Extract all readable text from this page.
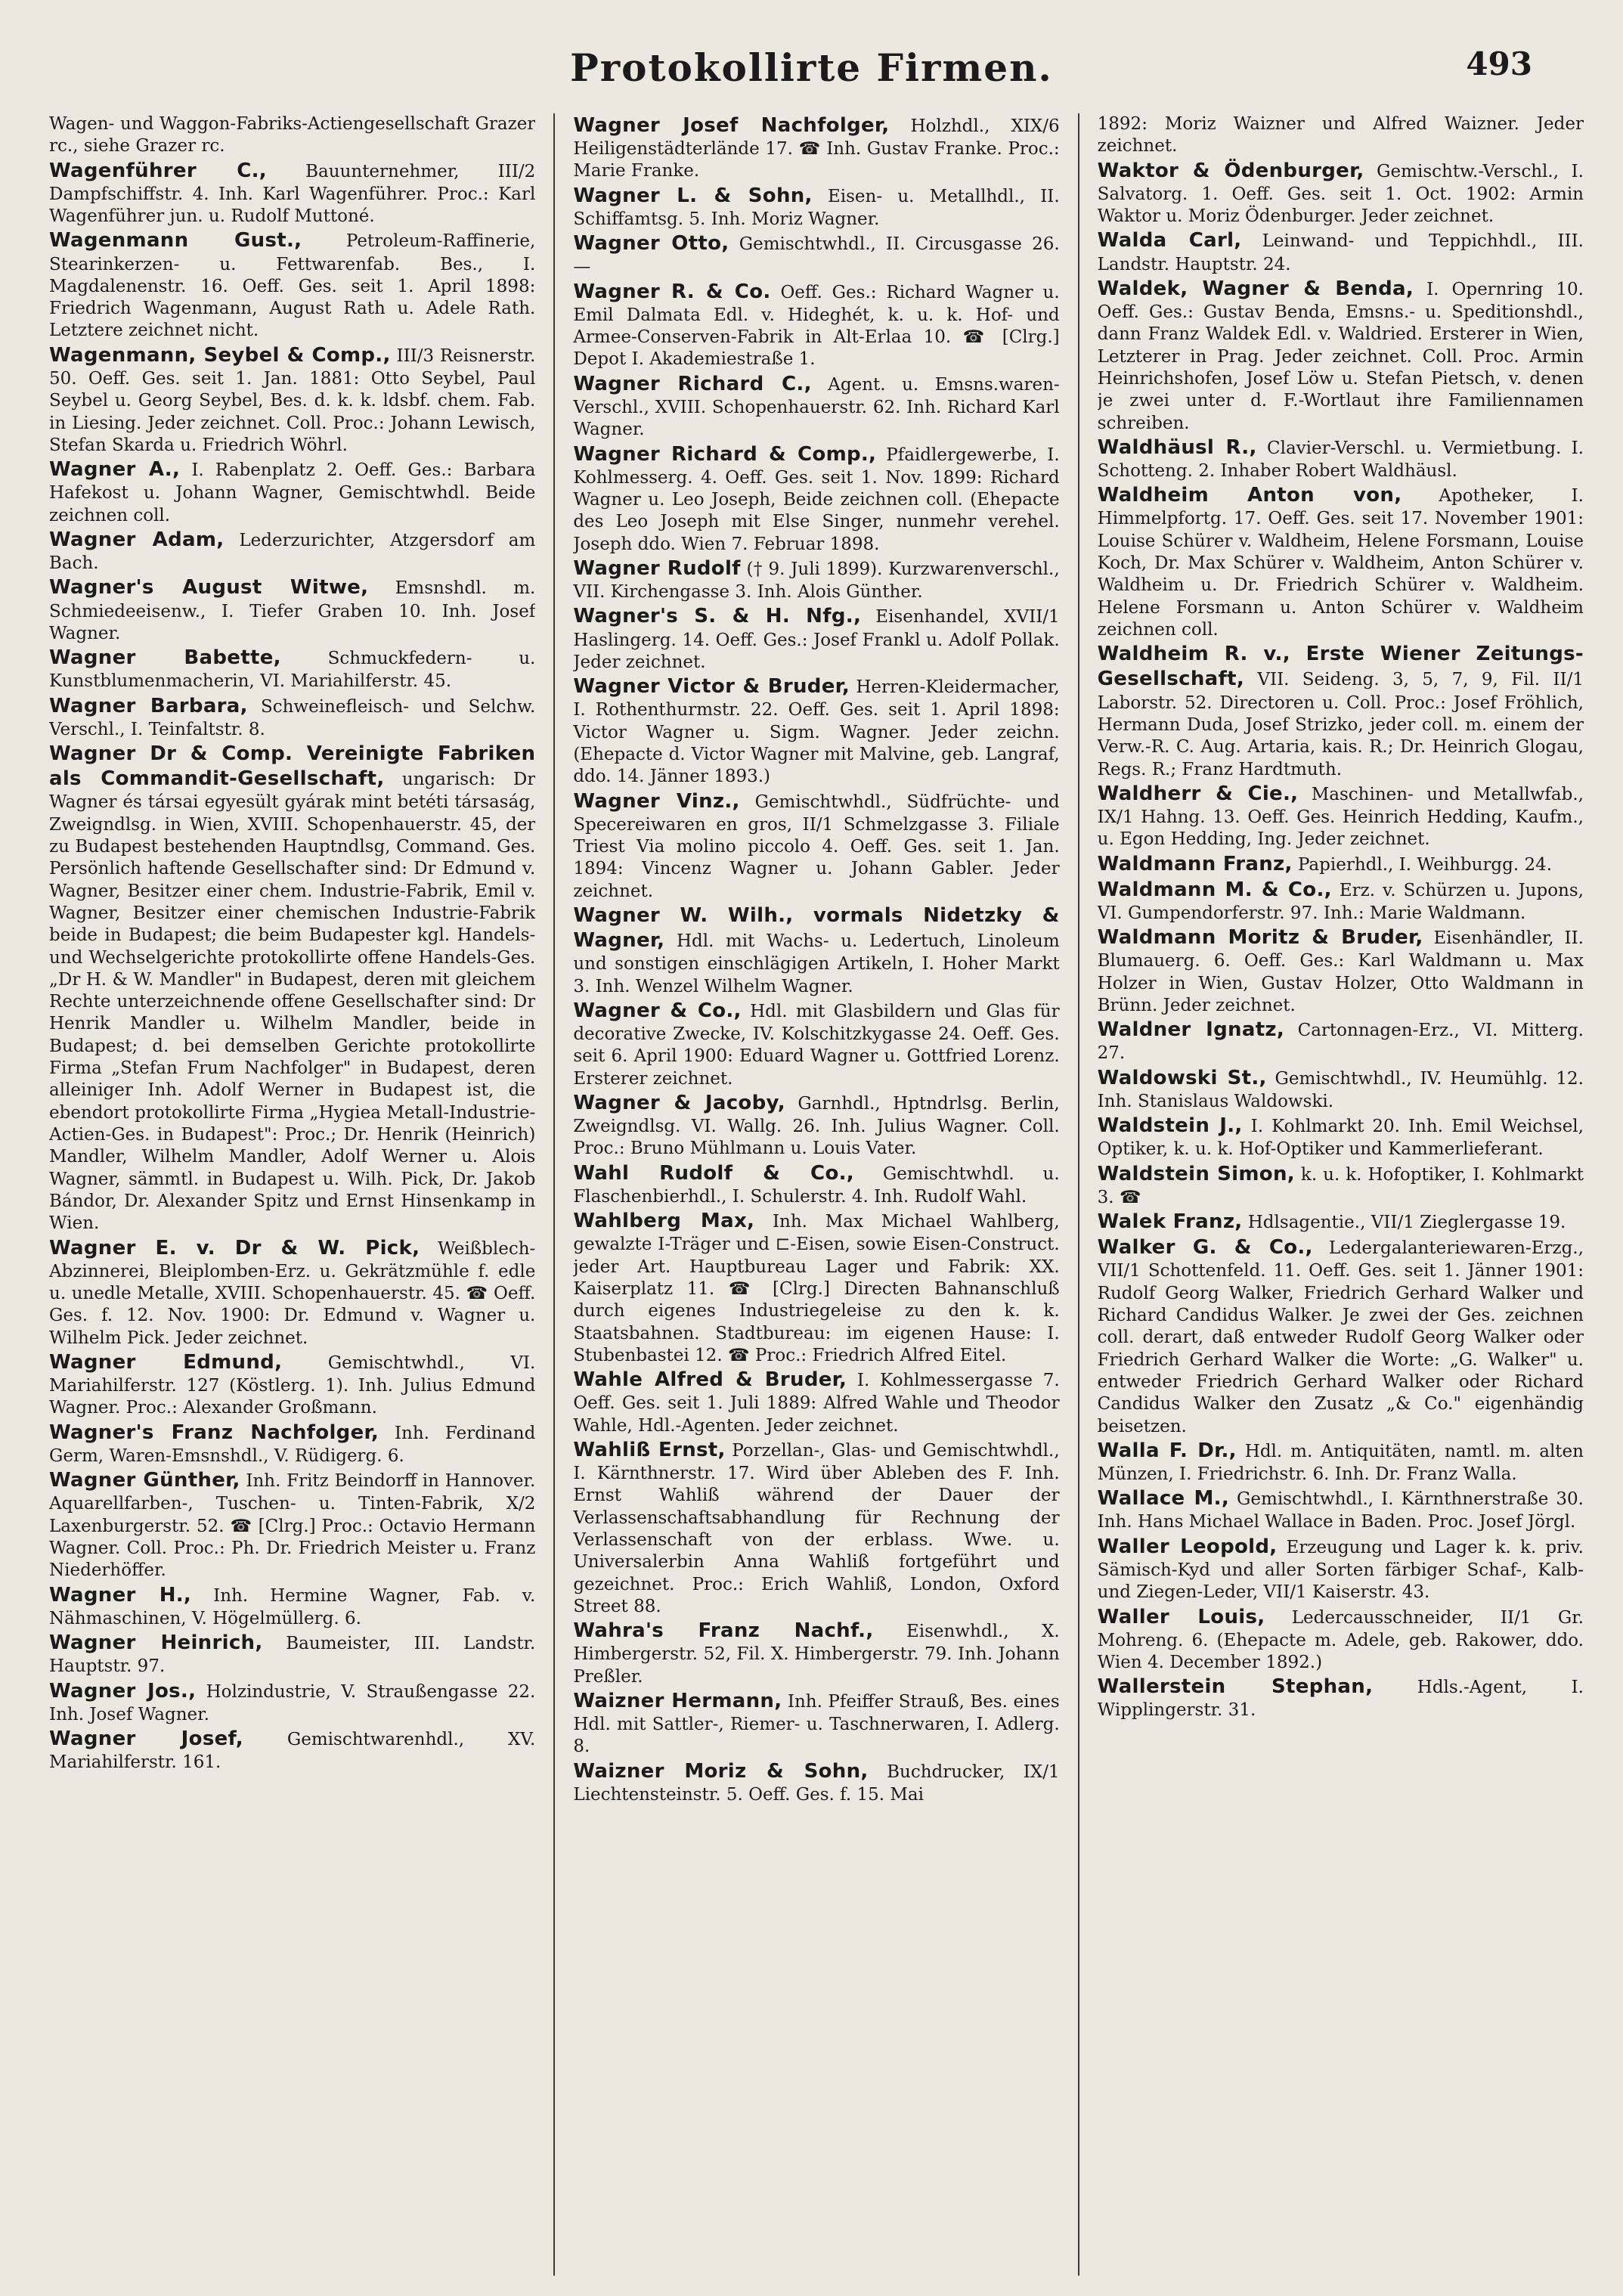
Protokollirte Firmen.	493

Wagen- und Waggon-Fabriks-Actiengesellschaft Grazer rc., siehe Grazer rc.

Wagenführer C., Bauunternehmer, III/2 Dampfschiffstr. 4. Inh. Karl Wagenführer. Proc.: Karl Wagenführer jun. u. Rudolf Muttoné.

Wagenmann Gust.,	Petroleum-Raffinerie, Stearinkerzen- u. Fettwarenfab. Bes., I. Magdalenenstr. 16. Oeff. Ges. seit 1. April 1898: Friedrich Wagenmann, August Rath u. Adele Rath. Letztere zeichnet nicht.

Wagenmann, Seybel & Comp., III/3 Reisnerstr. 50. Oeff. Ges. seit 1. Jan. 1881: Otto Seybel, Paul Seybel u. Georg Seybel, Bes. d. k. k. ldsbf. chem. Fab. in Liesing. Jeder zeichnet. Coll. Proc.: Johann Lewisch, Stefan Skarda u. Friedrich Wöhrl.

Wagner A., I. Rabenplatz 2. Oeff. Ges.: Barbara Hafekost u. Johann Wagner, Gemischtwhdl. Beide zeichnen coll.

Wagner Adam, Lederzurichter, Atzgersdorf am Bach.

Wagner's August Witwe, Emsnshdl. m. Schmiedeeisenw., I. Tiefer Graben 10. Inh. Josef Wagner.

Wagner Babette,	Schmuckfedern- u. Kunstblumenmacherin, VI. Mariahilferstr. 45.

Wagner Barbara, Schweinefleisch- und Selchw. Verschl., I. Teinfaltstr. 8.

Wagner Dr & Comp. Vereinigte Fabriken als Commandit-Gesellschaft, ungarisch: Dr Wagner és társai egyesült gyárak mint betéti társaság, Zweigndlsg. in Wien, XVIII. Schopenhauerstr. 45, der zu Budapest bestehenden Hauptndlsg, Command. Ges. Persönlich haftende Gesellschafter sind: Dr Edmund v. Wagner, Besitzer einer chem. Industrie-Fabrik, Emil v. Wagner, Besitzer einer chemischen Industrie-Fabrik beide in Budapest; die beim Budapester kgl. Handels- und Wechselgerichte protokollirte offene Handels-Ges. „Dr H. & W. Mandler" in Budapest, deren mit gleichem Rechte unterzeichnende offene Gesellschafter sind: Dr Henrik Mandler u. Wilhelm Mandler, beide in Budapest; d. bei demselben Gerichte protokollirte Firma „Stefan Frum Nachfolger" in Budapest, deren alleiniger Inh. Adolf Werner in Budapest ist, die ebendort protokollirte Firma „Hygiea Metall-Industrie-Actien-Ges. in Budapest": Proc.; Dr. Henrik (Heinrich) Mandler, Wilhelm Mandler, Adolf Werner u. Alois Wagner, sämmtl. in Budapest u. Wilh. Pick, Dr. Jakob Bándor, Dr. Alexander Spitz und Ernst Hinsenkamp in Wien.

Wagner E. v. Dr & W. Pick, Weißblech-Abzinnerei, Bleiplomben-Erz. u. Gekrätzmühle f. edle u. unedle Metalle, XVIII. Schopenhauerstr. 45. ☎ Oeff. Ges. f. 12. Nov. 1900: Dr. Edmund v. Wagner u. Wilhelm Pick. Jeder zeichnet.

Wagner Edmund,	Gemischtwhdl., VI. Mariahilferstr. 127 (Köstlerg. 1). Inh. Julius Edmund Wagner. Proc.: Alexander Großmann.

Wagner's Franz Nachfolger, Inh. Ferdinand Germ, Waren-Emsnshdl., V. Rüdigerg. 6.

Wagner Günther, Inh. Fritz Beindorff in Hannover. Aquarellfarben-, Tuschen- u. Tinten-Fabrik, X/2 Laxenburgerstr. 52. ☎ [Clrg.] Proc.: Octavio Hermann Wagner. Coll. Proc.: Ph. Dr. Friedrich Meister u. Franz Niederhöffer.

Wagner H., Inh. Hermine Wagner, Fab. v. Nähmaschinen, V. Högelmüllerg. 6.

Wagner Heinrich, Baumeister, III. Landstr. Hauptstr. 97.

Wagner Jos., Holzindustrie, V. Straußengasse 22. Inh. Josef Wagner.

Wagner Josef,	Gemischtwarenhdl., XV. Mariahilferstr. 161.

Wagner Josef Nachfolger, Holzhdl., XIX/6 Heiligenstädterlände 17. ☎ Inh. Gustav Franke. Proc.: Marie Franke.

Wagner L. & Sohn, Eisen- u. Metallhdl., II. Schiffamtsg. 5. Inh. Moriz Wagner.

Wagner Otto, Gemischtwhdl., II. Circusgasse 26. —

Wagner R. & Co. Oeff. Ges.: Richard Wagner u. Emil Dalmata Edl. v. Hideghét, k. u. k. Hof- und Armee-Conserven-Fabrik in Alt-Erlaa 10. ☎ [Clrg.] Depot I. Akademiestraße 1.

Wagner Richard C., Agent. u. Emsns.waren-Verschl., XVIII. Schopenhauerstr. 62. Inh. Richard Karl Wagner.

Wagner Richard & Comp., Pfaidlergewerbe, I. Kohlmesserg. 4. Oeff. Ges. seit 1. Nov. 1899: Richard Wagner u. Leo Joseph, Beide zeichnen coll. (Ehepacte des Leo Joseph mit Else Singer, nunmehr verehel. Joseph ddo. Wien 7. Februar 1898.

Wagner Rudolf († 9. Juli 1899). Kurzwarenverschl., VII. Kirchengasse 3. Inh. Alois Günther.

Wagner's S. & H. Nfg., Eisenhandel, XVII/1 Haslingerg. 14. Oeff. Ges.: Josef Frankl u. Adolf Pollak. Jeder zeichnet.

Wagner Victor & Bruder, Herren-Kleidermacher, I. Rothenthurmstr. 22. Oeff. Ges. seit 1. April 1898: Victor Wagner u. Sigm. Wagner. Jeder zeichn. (Ehepacte d. Victor Wagner mit Malvine, geb. Langraf, ddo. 14. Jänner 1893.)

Wagner Vinz., Gemischtwhdl., Südfrüchte- und Specereiwaren en gros, II/1 Schmelzgasse 3. Filiale Triest Via molino piccolo 4. Oeff. Ges. seit 1. Jan. 1894: Vincenz Wagner u. Johann Gabler. Jeder zeichnet.

Wagner W. Wilh., vormals Nidetzky & Wagner, Hdl. mit Wachs- u. Ledertuch, Linoleum und sonstigen einschlägigen Artikeln, I. Hoher Markt 3. Inh. Wenzel Wilhelm Wagner.

Wagner & Co., Hdl. mit Glasbildern und Glas für decorative Zwecke, IV. Kolschitzkygasse 24. Oeff. Ges. seit 6. April 1900: Eduard Wagner u. Gottfried Lorenz. Ersterer zeichnet.

Wagner & Jacoby, Garnhdl., Hptndrlsg. Berlin, Zweigndlsg. VI. Wallg. 26. Inh. Julius Wagner. Coll. Proc.: Bruno Mühlmann u. Louis Vater.

Wahl Rudolf & Co., Gemischtwhdl. u. Flaschenbierhdl., I. Schulerstr. 4. Inh. Rudolf Wahl.

Wahlberg Max, Inh. Max Michael Wahlberg, gewalzte I-Träger und ⊏-Eisen, sowie Eisen-Construct. jeder Art. Hauptbureau Lager und Fabrik: XX. Kaiserplatz 11. ☎ [Clrg.] Directen Bahnanschluß durch eigenes Industriegeleise zu den k. k. Staatsbahnen. Stadtbureau: im eigenen Hause: I. Stubenbastei 12. ☎ Proc.: Friedrich Alfred Eitel.

Wahle Alfred & Bruder, I. Kohlmessergasse 7. Oeff. Ges. seit 1. Juli 1889: Alfred Wahle und Theodor Wahle, Hdl.-Agenten. Jeder zeichnet.

Wahliß Ernst, Porzellan-, Glas- und Gemischtwhdl., I. Kärnthnerstr. 17. Wird über Ableben des F. Inh. Ernst Wahliß während der Dauer der Verlassenschaftsabhandlung für Rechnung der Verlassenschaft von der erblass. Wwe. u. Universalerbin Anna Wahliß fortgeführt und gezeichnet. Proc.: Erich Wahliß, London, Oxford Street 88.

Wahra's Franz Nachf., Eisenwhdl., X. Himbergerstr. 52, Fil. X. Himbergerstr. 79. Inh. Johann Preßler.

Waizner Hermann, Inh. Pfeiffer Strauß, Bes. eines Hdl. mit Sattler-, Riemer- u. Taschnerwaren, I. Adlerg. 8.

Waizner Moriz & Sohn, Buchdrucker, IX/1 Liechtensteinstr. 5. Oeff. Ges. f. 15. Mai

1892: Moriz Waizner und Alfred Waizner. Jeder zeichnet.

Waktor & Ödenburger, Gemischtw.-Verschl., I. Salvatorg. 1. Oeff. Ges. seit 1. Oct. 1902: Armin Waktor u. Moriz Ödenburger. Jeder zeichnet.

Walda Carl, Leinwand- und Teppichhdl., III. Landstr. Hauptstr. 24.

Waldek, Wagner & Benda, I. Opernring 10. Oeff. Ges.: Gustav Benda, Emsns.- u. Speditionshdl., dann Franz Waldek Edl. v. Waldried. Ersterer in Wien, Letzterer in Prag. Jeder zeichnet. Coll. Proc. Armin Heinrichshofen, Josef Löw u. Stefan Pietsch, v. denen je zwei unter d. F.-Wortlaut ihre Familiennamen schreiben.

Waldhäusl R., Clavier-Verschl. u. Vermietbung. I. Schotteng. 2. Inhaber Robert Waldhäusl.

Waldheim Anton von, Apotheker, I. Himmelpfortg. 17. Oeff. Ges. seit 17. November 1901: Louise Schürer v. Waldheim, Helene Forsmann, Louise Koch, Dr. Max Schürer v. Waldheim, Anton Schürer v. Waldheim u. Dr. Friedrich Schürer v. Waldheim. Helene Forsmann u. Anton Schürer v. Waldheim zeichnen coll.

Waldheim R. v., Erste Wiener Zeitungs-Gesellschaft, VII. Seideng. 3, 5, 7, 9, Fil. II/1 Laborstr. 52. Directoren u. Coll. Proc.: Josef Fröhlich, Hermann Duda, Josef Strizko, jeder coll. m. einem der Verw.-R. C. Aug. Artaria, kais. R.; Dr. Heinrich Glogau, Regs. R.; Franz Hardtmuth.

Waldherr & Cie., Maschinen- und Metallwfab., IX/1 Hahng. 13. Oeff. Ges. Heinrich Hedding, Kaufm., u. Egon Hedding, Ing. Jeder zeichnet.

Waldmann Franz, Papierhdl., I. Weihburgg. 24.

Waldmann M. & Co., Erz. v. Schürzen u. Jupons, VI. Gumpendorferstr. 97. Inh.: Marie Waldmann.

Waldmann Moritz & Bruder, Eisenhändler, II. Blumauerg. 6. Oeff. Ges.: Karl Waldmann u. Max Holzer in Wien, Gustav Holzer, Otto Waldmann in Brünn. Jeder zeichnet.

Waldner Ignatz, Cartonnagen-Erz., VI. Mitterg. 27.

Waldowski St., Gemischtwhdl., IV. Heumühlg. 12. Inh. Stanislaus Waldowski.

Waldstein J., I. Kohlmarkt 20. Inh. Emil Weichsel, Optiker, k. u. k. Hof-Optiker und Kammerlieferant.

Waldstein Simon, k. u. k. Hofoptiker, I. Kohlmarkt 3. ☎

Walek Franz, Hdlsagentie., VII/1 Zieglergasse 19.

Walker G. & Co., Ledergalanteriewaren-Erzg., VII/1 Schottenfeld. 11. Oeff. Ges. seit 1. Jänner 1901: Rudolf Georg Walker, Friedrich Gerhard Walker und Richard Candidus Walker. Je zwei der Ges. zeichnen coll. derart, daß entweder Rudolf Georg Walker oder Friedrich Gerhard Walker die Worte: „G. Walker" u. entweder Friedrich Gerhard Walker oder Richard Candidus Walker den Zusatz „& Co." eigenhändig beisetzen.

Walla F. Dr., Hdl. m. Antiquitäten, namtl. m. alten Münzen, I. Friedrichstr. 6. Inh. Dr. Franz Walla.

Wallace M., Gemischtwhdl., I. Kärnthnerstraße 30. Inh. Hans Michael Wallace in Baden. Proc. Josef Jörgl.

Waller Leopold, Erzeugung und Lager k. k. priv. Sämisch-Kyd und aller Sorten färbiger Schaf-, Kalb- und Ziegen-Leder, VII/1 Kaiserstr. 43.

Waller Louis, Ledercausschneider, II/1 Gr. Mohreng. 6. (Ehepacte m. Adele, geb. Rakower, ddo. Wien 4. December 1892.)

Wallerstein Stephan,	Hdls.-Agent, I. Wipplingerstr. 31.
